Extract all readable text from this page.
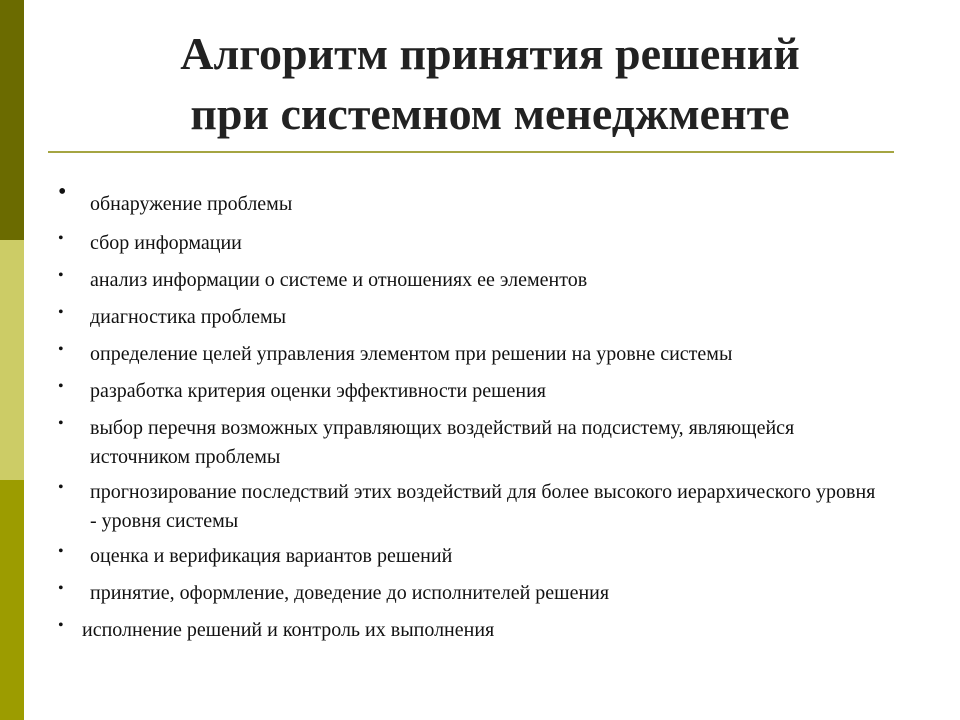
Алгоритм принятия решений
при системном менеджменте
• обнаружение проблемы
• сбор информации
• анализ информации о системе и отношениях ее элементов
• диагностика проблемы
• определение целей управления элементом при решении на уровне системы
• разработка критерия оценки эффективности решения
• выбор перечня возможных управляющих воздействий на подсистему, являющейся источником проблемы
• прогнозирование последствий этих воздействий для более высокого иерархического уровня - уровня системы
• оценка и верификация вариантов решений
• принятие, оформление, доведение до исполнителей решения
• исполнение решений и контроль их выполнения
